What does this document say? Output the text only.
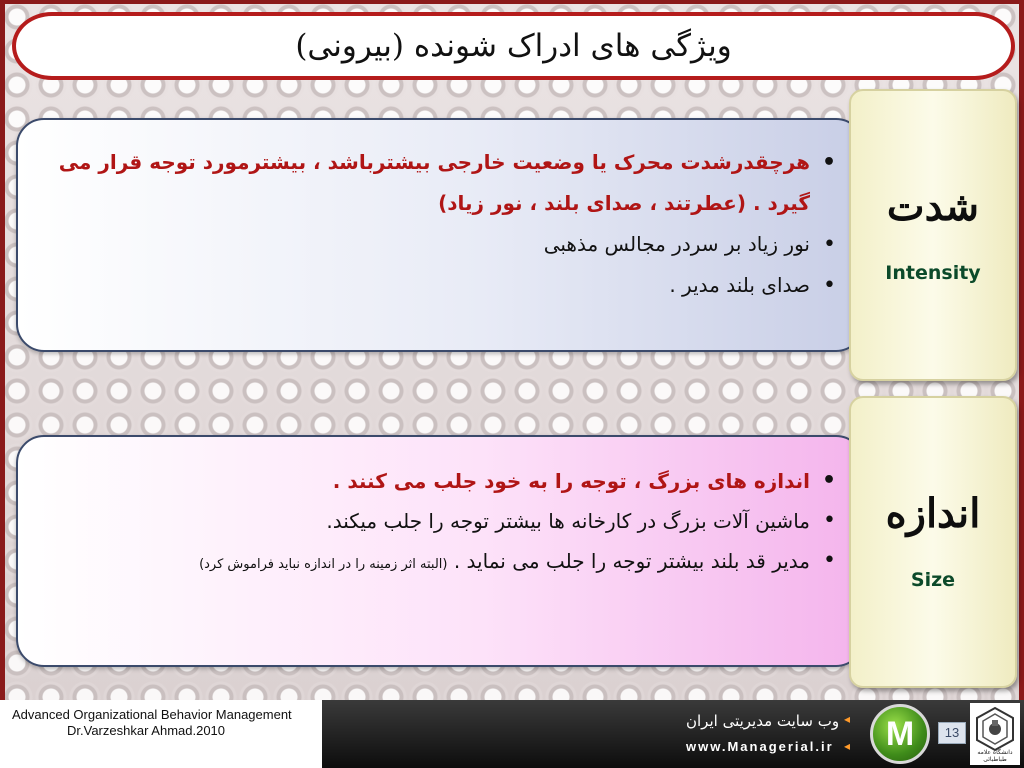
ویژگی های ادراک شونده (بیرونی)
• هرچقدرشدت محرک یا وضعیت خارجی بیشترباشد ، بیشترمورد توجه قرار می گیرد . (عطرتند ، صدای بلند ، نور زیاد)
• نور زیاد بر سردر مجالس مذهبی
• صدای بلند مدیر .
شدت
Intensity
• اندازه های بزرگ ، توجه را به خود جلب می کنند .
• ماشین آلات بزرگ در کارخانه ها بیشتر توجه را جلب میکند.
• مدیر قد بلند بیشتر توجه را جلب می نماید . (البته اثر زمینه را در اندازه نباید فراموش کرد)
اندازه
Size
Advanced Organizational Behavior Management
Dr.Varzeshkar Ahmad.2010
وب سایت مدیریتی ایران
www.Managerial.ir
◂
◂ M	13
دانشگاه علامه طباطبائی
